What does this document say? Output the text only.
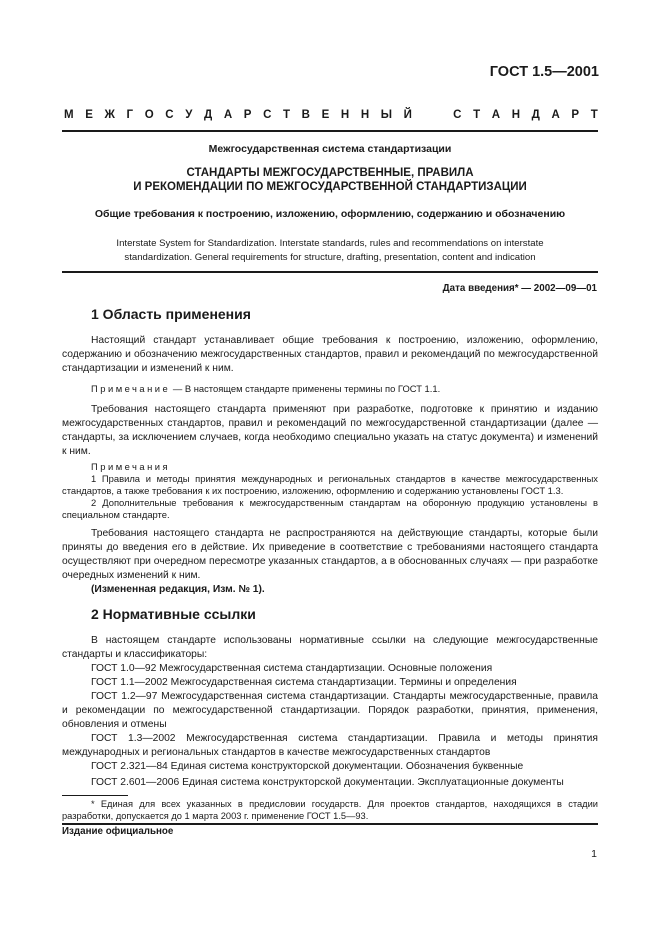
ГОСТ 1.5—2001
М Е Ж Г О С У Д А Р С Т В Е Н Н Ы Й	С Т А Н Д А Р Т
Межгосударственная система стандартизации
СТАНДАРТЫ МЕЖГОСУДАРСТВЕННЫЕ, ПРАВИЛА
И РЕКОМЕНДАЦИИ ПО МЕЖГОСУДАРСТВЕННОЙ СТАНДАРТИЗАЦИИ
Общие требования к построению, изложению, оформлению, содержанию и обозначению
Interstate System for Standardization. Interstate standards, rules and recommendations on interstate
standardization. General requirements for structure, drafting, presentation, content and indication
Дата введения* — 2002—09—01
1 Область применения

Настоящий стандарт устанавливает общие требования к построению, изложению, оформлению, содержанию и обозначению межгосударственных стандартов, правил и рекомендаций по межгосударственной стандартизации и изменений к ним.

Примечание — В настоящем стандарте применены термины по ГОСТ 1.1.

Требования настоящего стандарта применяют при разработке, подготовке к принятию и изданию межгосударственных стандартов, правил и рекомендаций по межгосударственной стандартизации (далее — стандарты, за исключением случаев, когда необходимо специально указать на статус документа) и изменений к ним.

Примечания

1 Правила и методы принятия международных и региональных стандартов в качестве межгосударственных стандартов, а также требования к их построению, изложению, оформлению и содержанию установлены ГОСТ 1.3.

2 Дополнительные требования к межгосударственным стандартам на оборонную продукцию установлены в специальном стандарте.

Требования настоящего стандарта не распространяются на действующие стандарты, которые были приняты до введения его в действие. Их приведение в соответствие с требованиями настоящего стандарта осуществляют при очередном пересмотре указанных стандартов, а в обоснованных случаях — при разработке очередных изменений к ним.

(Измененная редакция, Изм. № 1).

2 Нормативные ссылки

В настоящем стандарте использованы нормативные ссылки на следующие межгосударственные стандарты и классификаторы:

ГОСТ 1.0—92 Межгосударственная система стандартизации. Основные положения

ГОСТ 1.1—2002 Межгосударственная система стандартизации. Термины и определения

ГОСТ 1.2—97 Межгосударственная система стандартизации. Стандарты межгосударственные, правила и рекомендации по межгосударственной стандартизации. Порядок разработки, принятия, применения, обновления и отмены

ГОСТ 1.3—2002 Межгосударственная система стандартизации. Правила и методы принятия международных и региональных стандартов в качестве межгосударственных стандартов

ГОСТ 2.321—84 Единая система конструкторской документации. Обозначения буквенные

ГОСТ 2.601—2006 Единая система конструкторской документации. Эксплуатационные документы

* Единая для всех указанных в предисловии государств. Для проектов стандартов, находящихся в стадии разработки, допускается до 1 марта 2003 г. применение ГОСТ 1.5—93.

Издание официальное
1
